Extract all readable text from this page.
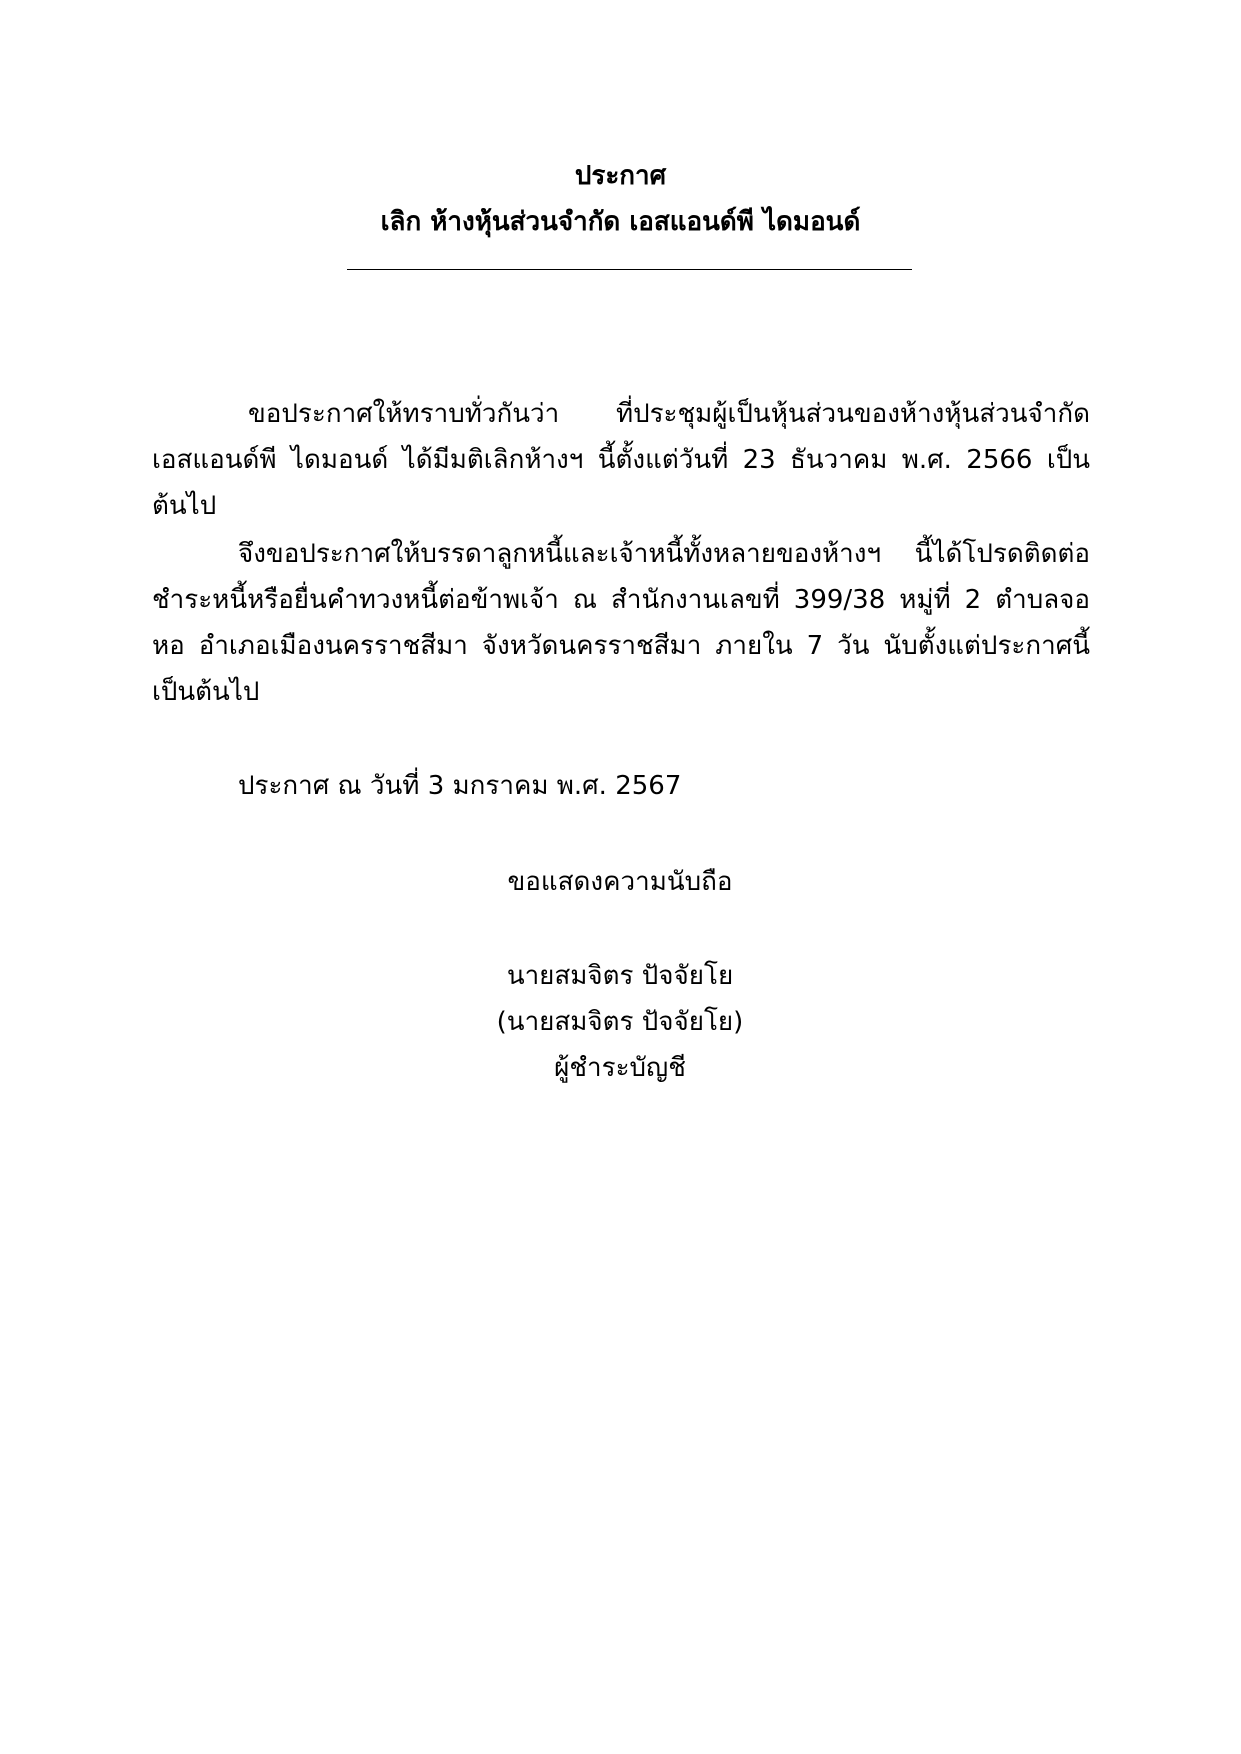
ประกาศ
เลิก ห้างหุ้นส่วนจำกัด เอสแอนด์พี ไดมอนด์
ขอประกาศให้ทราบทั่วกันว่า ที่ประชุมผู้เป็นหุ้นส่วนของห้างหุ้นส่วนจำกัด
เอสแอนด์พี ไดมอนด์ ได้มีมติเลิกห้างฯ นี้ตั้งแต่วันที่ 23 ธันวาคม พ.ศ. 2566 เป็น
ต้นไป
จึงขอประกาศให้บรรดาลูกหนี้และเจ้าหนี้ทั้งหลายของห้างฯ นี้ได้โปรดติดต่อ
ชำระหนี้หรือยื่นคำทวงหนี้ต่อข้าพเจ้า ณ สำนักงานเลขที่ 399/38 หมู่ที่ 2 ตำบลจอ
หอ อำเภอเมืองนครราชสีมา จังหวัดนครราชสีมา ภายใน 7 วัน นับตั้งแต่ประกาศนี้
เป็นต้นไป
ประกาศ ณ วันที่ 3 มกราคม พ.ศ. 2567
ขอแสดงความนับถือ
นายสมจิตร ปัจจัยโย
(นายสมจิตร ปัจจัยโย)
ผู้ชำระบัญชี
